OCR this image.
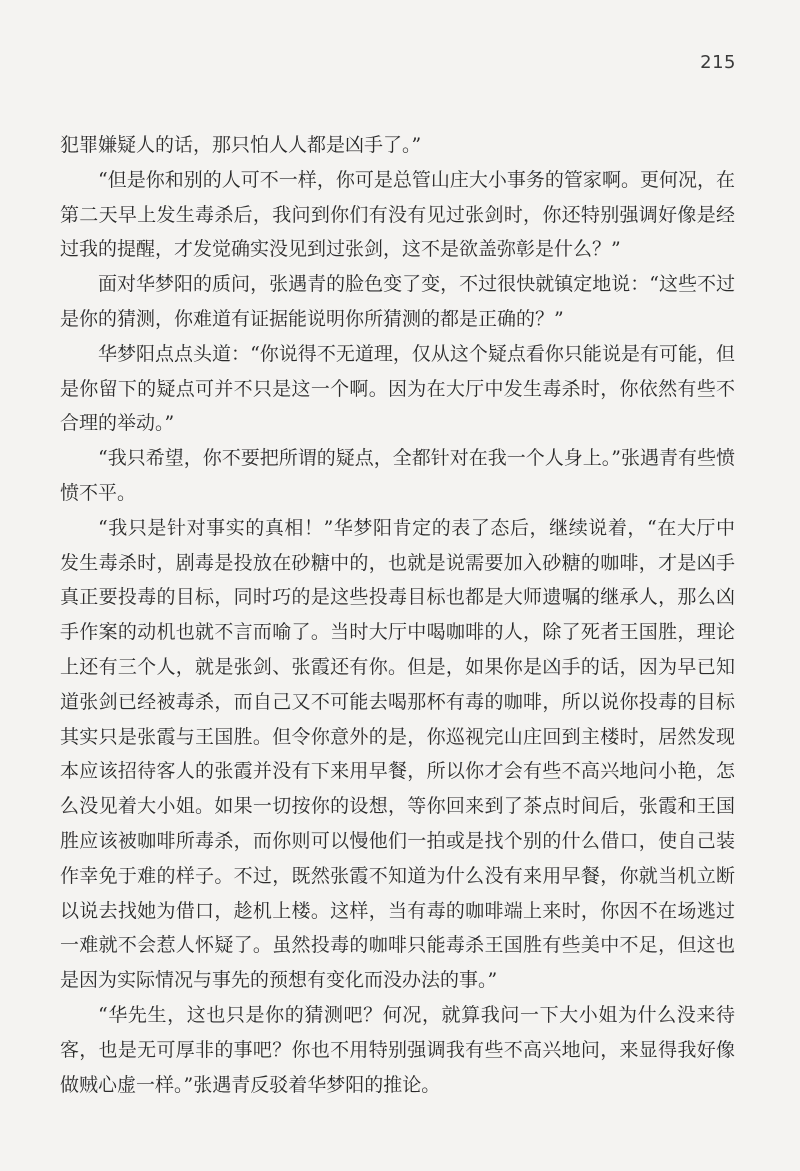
215

犯罪嫌疑人的话，那只怕人人都是凶手了。”

“但是你和别的人可不一样，你可是总管山庄大小事务的管家啊。更何况，在第二天早上发生毒杀后，我问到你们有没有见过张剑时，你还特别强调好像是经过我的提醒，才发觉确实没见到过张剑，这不是欲盖弥彰是什么？”

面对华梦阳的质问，张遇青的脸色变了变，不过很快就镇定地说：“这些不过是你的猜测，你难道有证据能说明你所猜测的都是正确的？”

华梦阳点点头道：“你说得不无道理，仅从这个疑点看你只能说是有可能，但是你留下的疑点可并不只是这一个啊。因为在大厅中发生毒杀时，你依然有些不合理的举动。”

“我只希望，你不要把所谓的疑点，全都针对在我一个人身上。”张遇青有些愤愤不平。

“我只是针对事实的真相！”华梦阳肯定的表了态后，继续说着，“在大厅中发生毒杀时，剧毒是投放在砂糖中的，也就是说需要加入砂糖的咖啡，才是凶手真正要投毒的目标，同时巧的是这些投毒目标也都是大师遗嘱的继承人，那么凶手作案的动机也就不言而喻了。当时大厅中喝咖啡的人，除了死者王国胜，理论上还有三个人，就是张剑、张霞还有你。但是，如果你是凶手的话，因为早已知道张剑已经被毒杀，而自己又不可能去喝那杯有毒的咖啡，所以说你投毒的目标其实只是张霞与王国胜。但令你意外的是，你巡视完山庄回到主楼时，居然发现本应该招待客人的张霞并没有下来用早餐，所以你才会有些不高兴地问小艳，怎么没见着大小姐。如果一切按你的设想，等你回来到了茶点时间后，张霞和王国胜应该被咖啡所毒杀，而你则可以慢他们一拍或是找个别的什么借口，使自己装作幸免于难的样子。不过，既然张霞不知道为什么没有来用早餐，你就当机立断以说去找她为借口，趁机上楼。这样，当有毒的咖啡端上来时，你因不在场逃过一难就不会惹人怀疑了。虽然投毒的咖啡只能毒杀王国胜有些美中不足，但这也是因为实际情况与事先的预想有变化而没办法的事。”

“华先生，这也只是你的猜测吧？何况，就算我问一下大小姐为什么没来待客，也是无可厚非的事吧？你也不用特别强调我有些不高兴地问，来显得我好像做贼心虚一样。”张遇青反驳着华梦阳的推论。
